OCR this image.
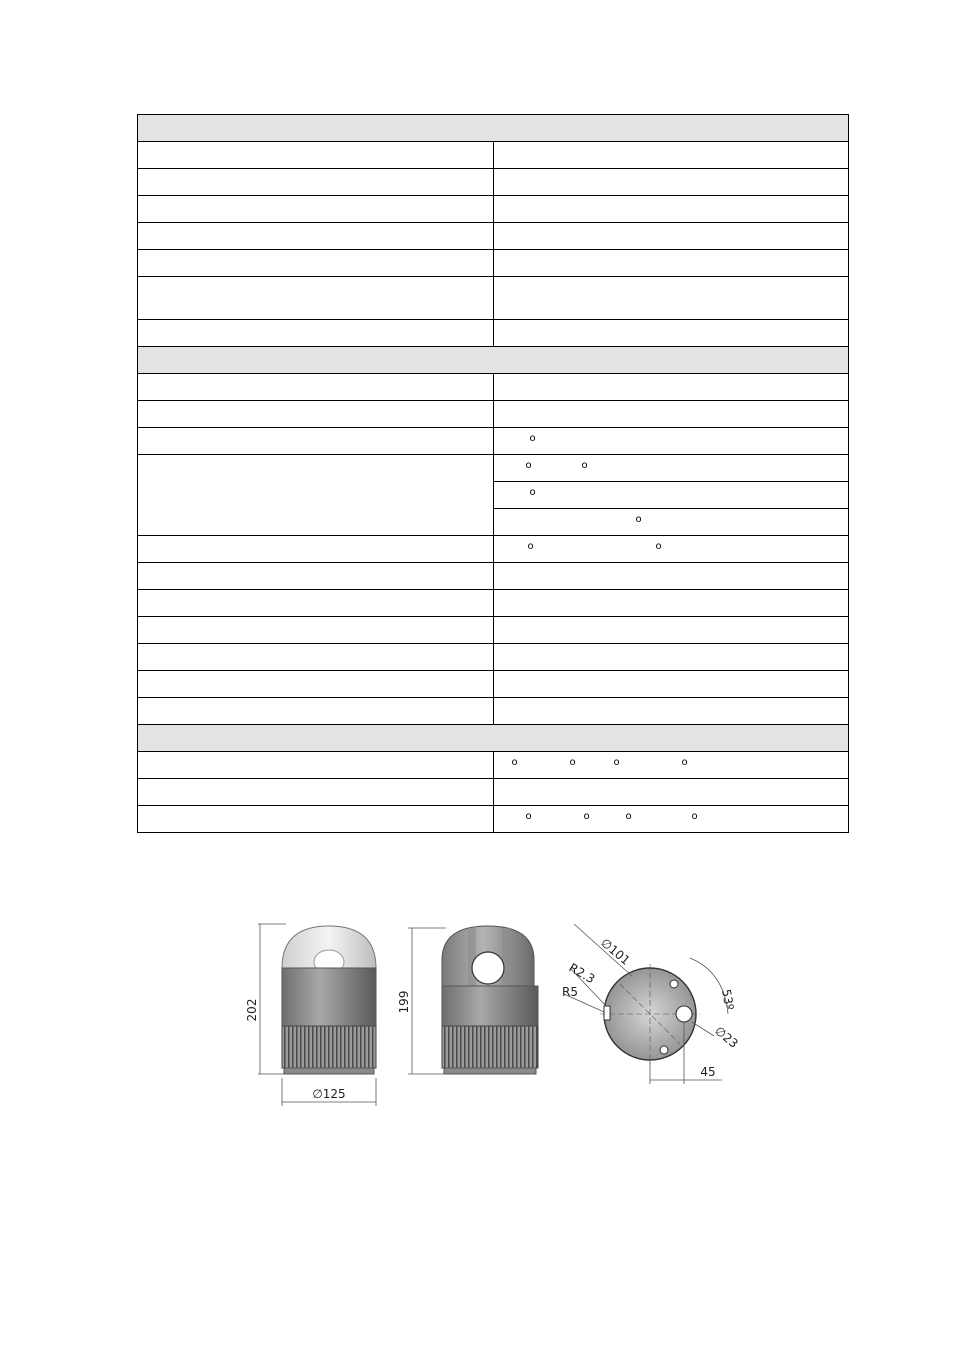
	o

	o o

	o

	o

	o o

	o o o o

	o o o o
202
∅125
199
∅101
R2.3
R5	53º
∅23
45
